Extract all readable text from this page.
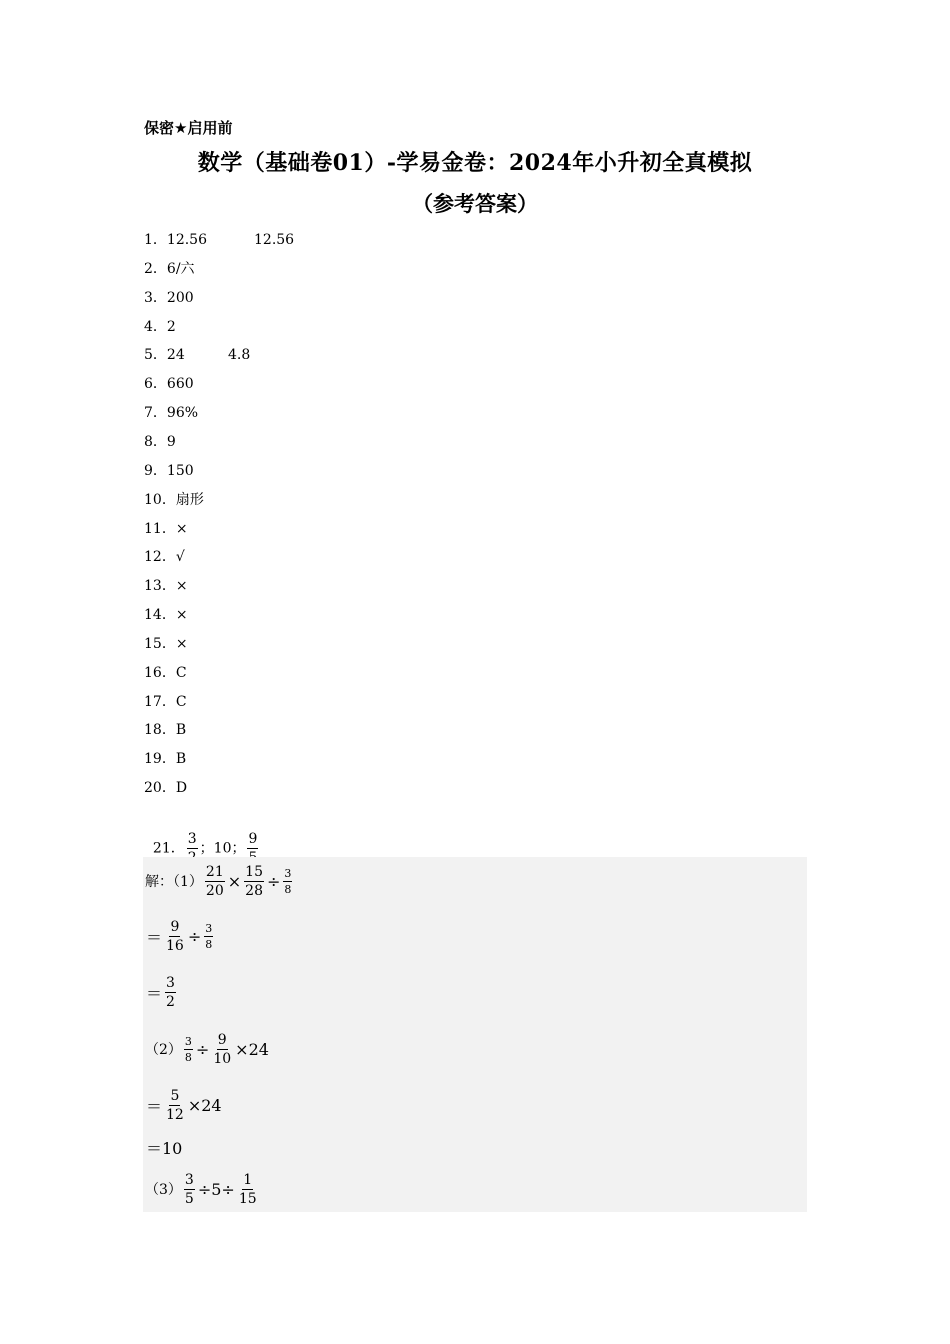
保密★启用前
数学（基础卷01）-学易金卷：2024年小升初全真模拟
（参考答案）
1．12.56	12.56
2．6/六
3．200
4．2
5．24	4.8
6．660
7．96%
8．9
9．150
10．扇形
11．×
12．√
13．×
14．×
15．×
16．C
17．C
18．B
19．B
20．D

21．
3
；10；
9

解：$(1) \frac{21}{20} \times \frac{15}{28} \div \frac{3}{8}$
＝ $\frac{9}{16} \div \frac{3}{8}$
＝ $\frac{3}{2}$
$(2) \frac{3}{8} \div \frac{9}{10} \times 24$
＝ $\frac{5}{12} \times 24$
＝10
$(3) \frac{3}{5} \div 5\div \frac{1}{15}$
